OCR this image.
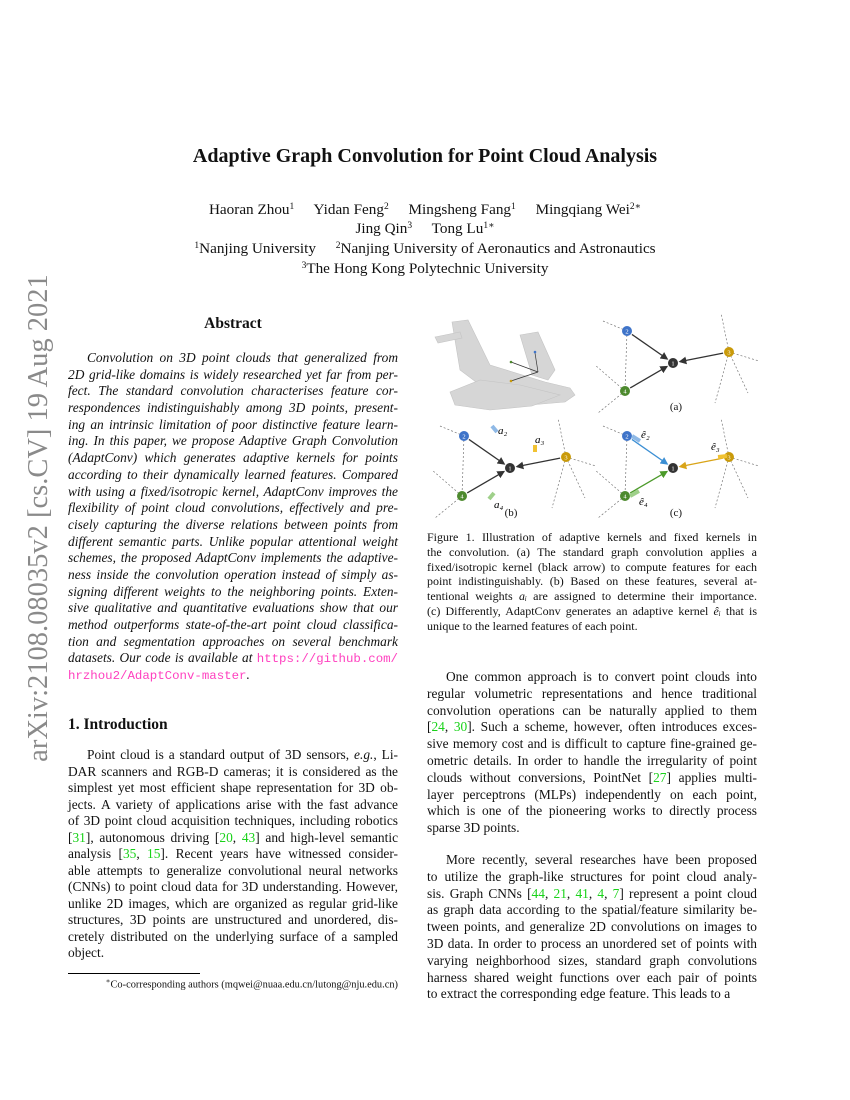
arXiv:2108.08035v2 [cs.CV] 19 Aug 2021
Adaptive Graph Convolution for Point Cloud Analysis
Haoran Zhou$^1$ Yidan Feng$^2$ Mingsheng Fang$^1$ Mingqiang Wei$^{2∗}$
Jing Qin$^3$ Tong $Lu^{1∗}$
$^1$Nanjing University $^2$Nanjing University of Aeronautics and Astronautics
$^3$The Hong Kong Polytechnic University
Abstract
Convolution on 3D point clouds that generalized from
2D grid-like domains is widely researched yet far from per-
fect. The standard convolution characterises feature cor-
respondences indistinguishably among 3D points, present-
ing an intrinsic limitation of poor distinctive feature learn-
ing. In this paper, we propose Adaptive Graph Convolution
(AdaptConv) which generates adaptive kernels for points
according to their dynamically learned features. Compared
with using a fixed/isotropic kernel, AdaptConv improves the
flexibility of point cloud convolutions, effectively and pre-
cisely capturing the diverse relations between points from
different semantic parts. Unlike popular attentional weight
schemes, the proposed AdaptConv implements the adaptive-
ness inside the convolution operation instead of simply as-
signing different weights to the neighboring points. Exten-
sive qualitative and quantitative evaluations show that our
method outperforms state-of-the-art point cloud classifica-
tion and segmentation approaches on several benchmark
datasets. Our code is available at https://github.com/
hrzhou2/AdaptConv-master.
1. Introduction
Point cloud is a standard output of 3D sensors, e.g., Li-
DAR scanners and RGB-D cameras; it is considered as the
simplest yet most efficient shape representation for 3D ob-
jects. A variety of applications arise with the fast advance
of 3D point cloud acquisition techniques, including robotics
[31], autonomous driving [20, 43] and high-level semantic
analysis [35, 15]. Recent years have witnessed consider-
able attempts to generalize convolutional neural networks
(CNNs) to point cloud data for 3D understanding. However,
unlike 2D images, which are organized as regular grid-like
structures, 3D points are unstructured and unordered, dis-
cretely distributed on the underlying surface of a sampled
object.
∗Co-corresponding authors (mqwei@nuaa.edu.cn/lutong@nju.edu.cn)
1
2
3
4
(a)
1
2
3
4
(b)
a₂
a₃
a₄
1
2
3
4
(c)
ê₂
ê₃
ê₄
Figure 1. Illustration of adaptive kernels and fixed kernels in
the convolution. (a) The standard graph convolution applies a
fixed/isotropic kernel (black arrow) to compute features for each
point indistinguishably. (b) Based on these features, several at-
tentional weights aᵢ are assigned to determine their importance.
(c) Differently, AdaptConv generates an adaptive kernel êᵢ that is
unique to the learned features of each point.
One common approach is to convert point clouds into
regular volumetric representations and hence traditional
convolution operations can be naturally applied to them
[24, 30]. Such a scheme, however, often introduces exces-
sive memory cost and is difficult to capture fine-grained ge-
ometric details. In order to handle the irregularity of point
clouds without conversions, PointNet [27] applies multi-
layer perceptrons (MLPs) independently on each point,
which is one of the pioneering works to directly process
sparse 3D points.
More recently, several researches have been proposed
to utilize the graph-like structures for point cloud analy-
sis. Graph CNNs [44, 21, 41, 4, 7] represent a point cloud
as graph data according to the spatial/feature similarity be-
tween points, and generalize 2D convolutions on images to
3D data. In order to process an unordered set of points with
varying neighborhood sizes, standard graph convolutions
harness shared weight functions over each pair of points
to extract the corresponding edge feature. This leads to a
